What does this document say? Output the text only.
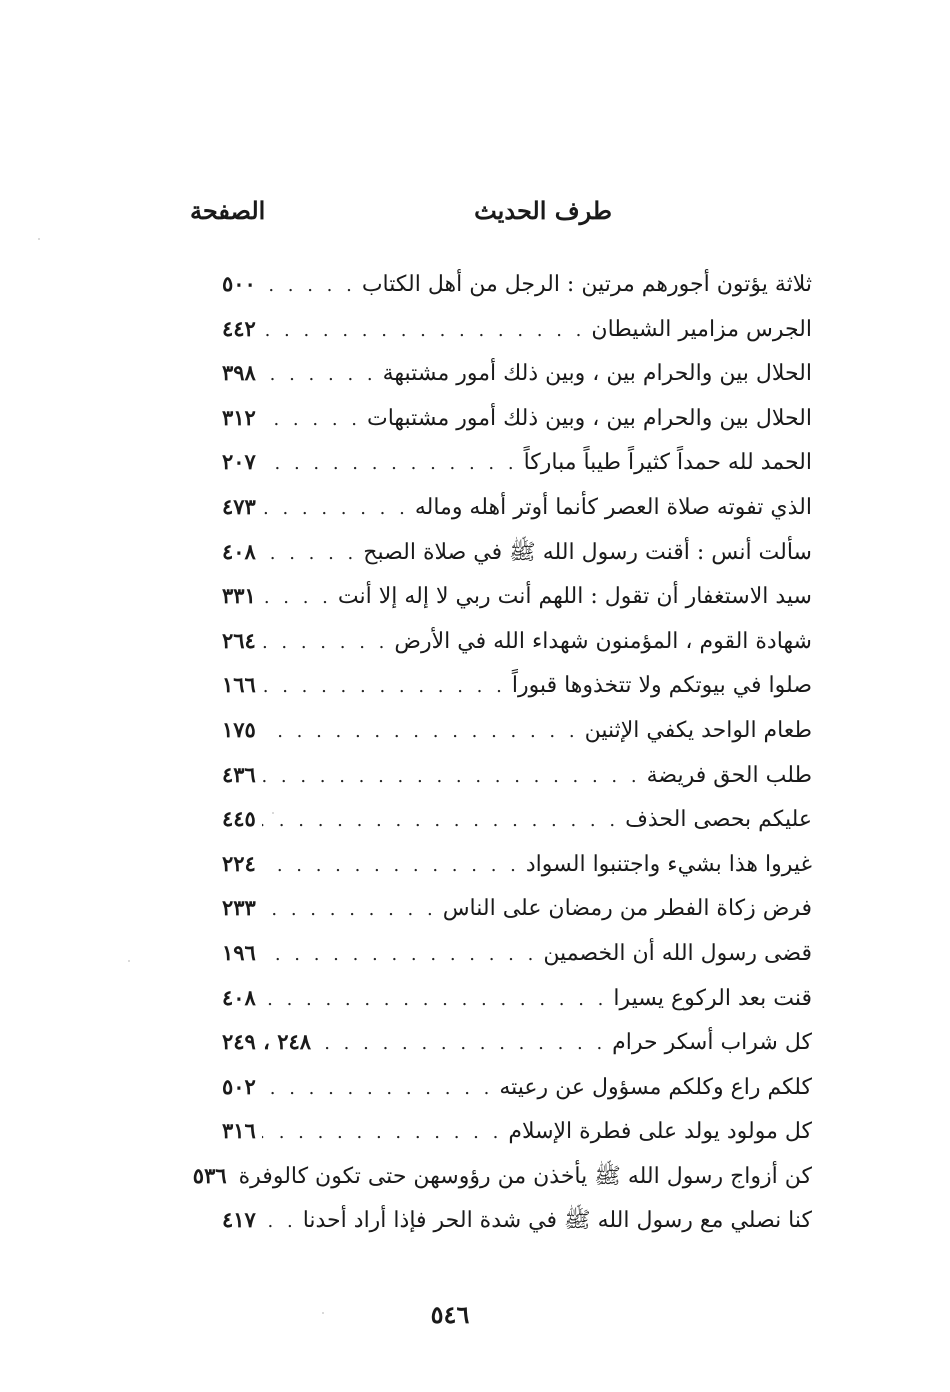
طرف الحديث
الصفحة
ثلاثة يؤتون أجورهم مرتين : الرجل من أهل الكتاب
. . .
٥٠٠
الجرس مزامير الشيطان
. . .
٤٤٢
الحلال بين والحرام بين ، وبين ذلك أمور مشتبهة
. . .
٣٩٨
الحلال بين والحرام بين ، وبين ذلك أمور مشتبهات
. . .
٣١٢
الحمد لله حمداً كثيراً طيباً مباركاً
. . .
٢٠٧
الذي تفوته صلاة العصر كأنما أوتر أهله وماله
. . .
٤٧٣
سألت أنس : أقنت رسول الله ﷺ في صلاة الصبح
. . .
٤٠٨
سيد الاستغفار أن تقول : اللهم أنت ربي لا إله إلا أنت
. . .
٣٣١
شهادة القوم ، المؤمنون شهداء الله في الأرض
. . .
٢٦٤
صلوا في بيوتكم ولا تتخذوها قبوراً
. . .
١٦٦
طعام الواحد يكفي الإثنين
. . .
١٧٥
طلب الحق فريضة
. . .
٤٣٦
عليكم بحصى الحذف
. . .
٤٤٥
غيروا هذا بشيء واجتنبوا السواد
. . .
٢٢٤
فرض زكاة الفطر من رمضان على الناس
. . .
٢٣٣
قضى رسول الله أن الخصمين
. . .
١٩٦
قنت بعد الركوع يسيرا
. . .
٤٠٨
كل شراب أسكر حرام
. . .
٢٤٨ ، ٢٤٩
كلكم راع وكلكم مسؤول عن رعيته
. . .
٥٠٢
كل مولود يولد على فطرة الإسلام
. . .
٣١٦
كن أزواج رسول الله ﷺ يأخذن من رؤوسهن حتى تكون كالوفرة
٥٣٦
كنا نصلي مع رسول الله ﷺ في شدة الحر فإذا أراد أحدنا
. . .
٤١٧
٥٤٦
